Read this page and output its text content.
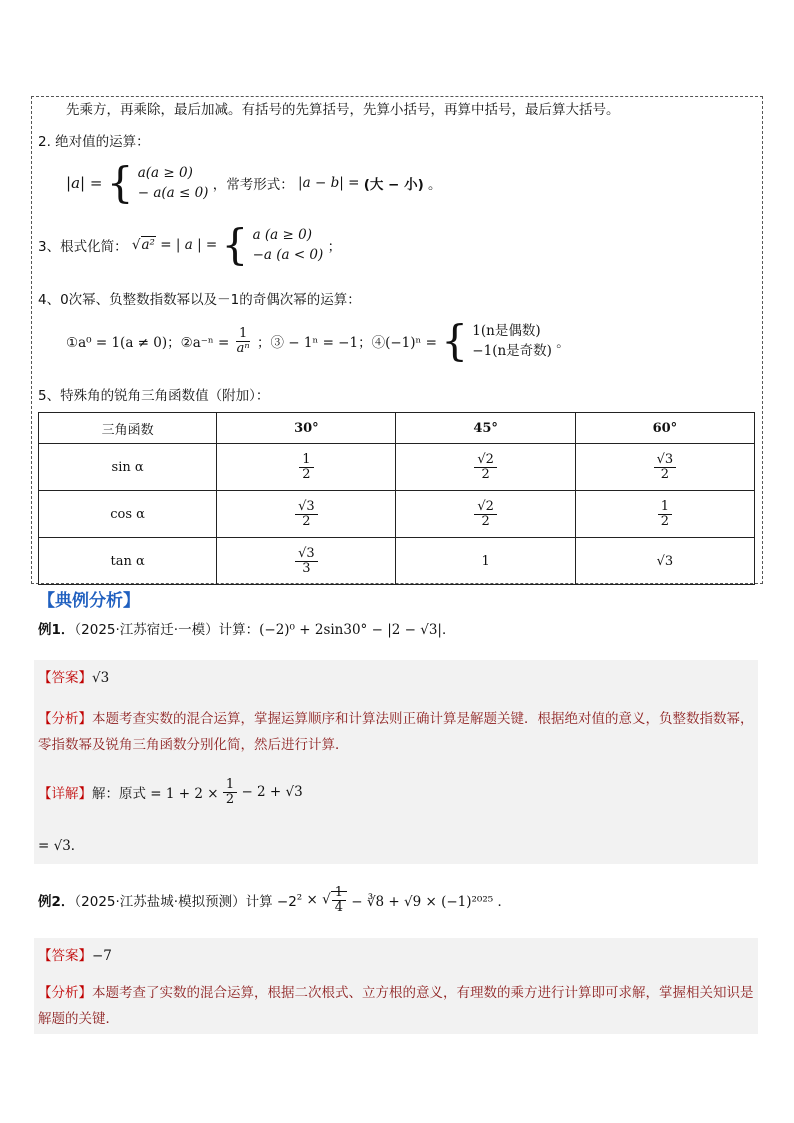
先乘方，再乘除，最后加减。有括号的先算括号，先算小括号，再算中括号，最后算大括号。
2. 绝对值的运算：
|a| = { a(a ≥ 0)
− a(a ≤ 0) ，常考形式： |a − b| = (大 − 小) 。
3、根式化简： √a² = | a | = { a (a ≥ 0)
−a (a < 0) ；
4、0次幂、负整数指数幂以及－1的奇偶次幂的运算：
①a⁰ = 1(a ≠ 0)；②a⁻ⁿ = $\frac{1}{\text{aⁿ}}$ ；③ − 1ⁿ = −1；④(−1)ⁿ = { 1(n是偶数)
−1(n是奇数) 。
5、特殊角的锐角三角函数值（附加）：
三角函数	30°	45°	60°
sin α	$\frac{1}{2}$	$\frac{√2}{2}$	$\frac{√3}{2}$

cos α	$\frac{√3}{2}$	$\frac{√2}{2}$	$\frac{1}{2}$

tan α	$\frac{√3}{3}$	1	√3
【典例分析】
例1．（2025·江苏宿迁·一模）计算：(−2)⁰ + 2sin30° − |2 − √3|．
【答案】√3
【分析】本题考查实数的混合运算，掌握运算顺序和计算法则正确计算是解题关键．根据绝对值的意义，负整数指数幂，零指数幂及锐角三角函数分别化简，然后进行计算．
【详解】解：原式 = $1 + 2 \times \frac{1}{2} - 2 + √3$
= √3．
例2．（2025·江苏盐城·模拟预测）计算 −2² × √ $\frac{1}{4}$ − ∛8 + √9 × (−1)²⁰²⁵ ．
【答案】−7
【分析】本题考查了实数的混合运算，根据二次根式、立方根的意义，有理数的乘方进行计算即可求解，掌握相关知识是解题的关键．
